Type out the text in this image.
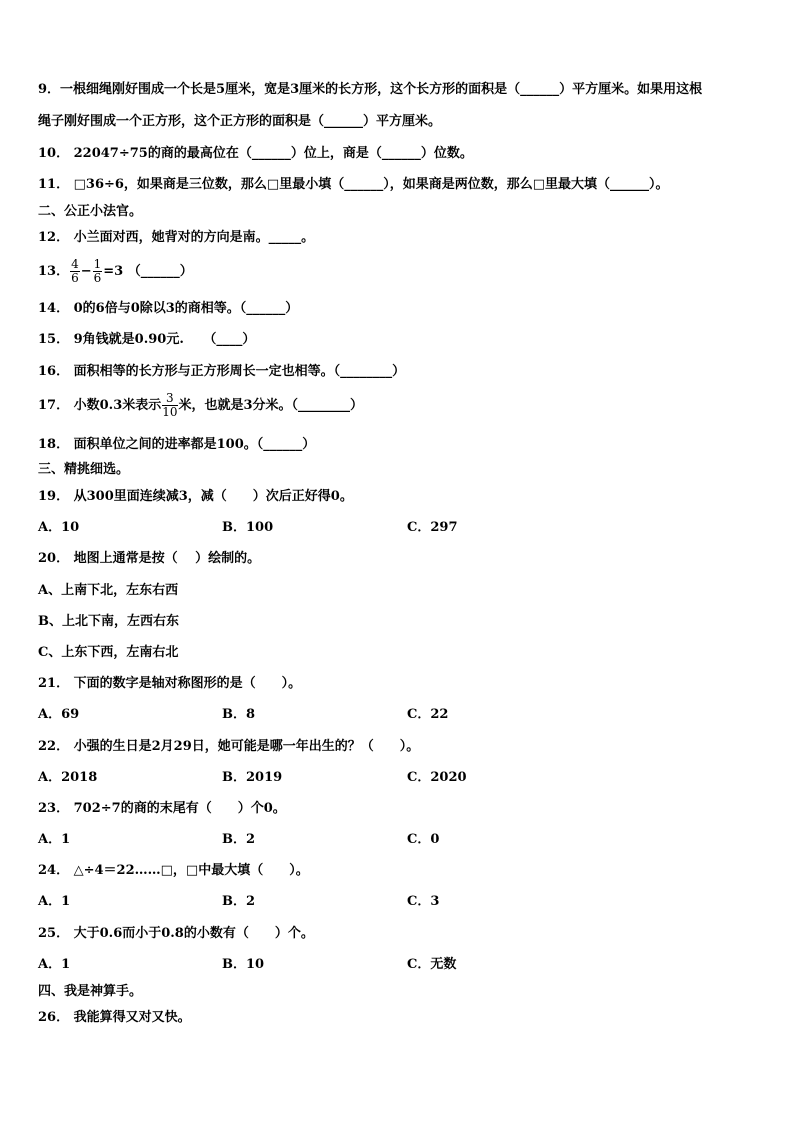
9．一根细绳刚好围成一个长是5厘米，宽是3厘米的长方形，这个长方形的面积是（______）平方厘米。如果用这根
绳子刚好围成一个正方形，这个正方形的面积是（______）平方厘米。
10． 22047÷75的商的最高位在（______）位上，商是（______）位数。
11． □36÷6，如果商是三位数，那么□里最小填（______），如果商是两位数，那么□里最大填（______）。
二、公正小法官。
12． 小兰面对西，她背对的方向是南。_____。
13． $\frac{4}{6} - \frac{1}{6} =3$ （______）
14． 0的6倍与0除以3的商相等。（______）
15． 9角钱就是0.90元.　　（____）
16． 面积相等的长方形与正方形周长一定也相等。（________）
17． 小数0.3米表示 $\frac{3}{10}$ 米，也就是3分米。（________）
18． 面积单位之间的进率都是100。（______）
三、精挑细选。
19． 从300里面连续减3，减（　　）次后正好得0。
A．10	B．100	C．297
20． 地图上通常是按（　 ）绘制的。
A、上南下北，左东右西
B、上北下南，左西右东
C、上东下西，左南右北
21． 下面的数字是轴对称图形的是（　　）。
A．69	B．8	C．22
22． 小强的生日是2月29日，她可能是哪一年出生的？（　　）。
A．2018	B．2019	C．2020
23． 702÷7的商的末尾有（　　）个0。
A．1	B．2	C．0
24． △÷4＝22……□，□中最大填（　　）。
A．1	B．2	C．3
25． 大于0.6而小于0.8的小数有（　　）个。
A．1	B．10	C．无数
四、我是神算手。
26． 我能算得又对又快。
